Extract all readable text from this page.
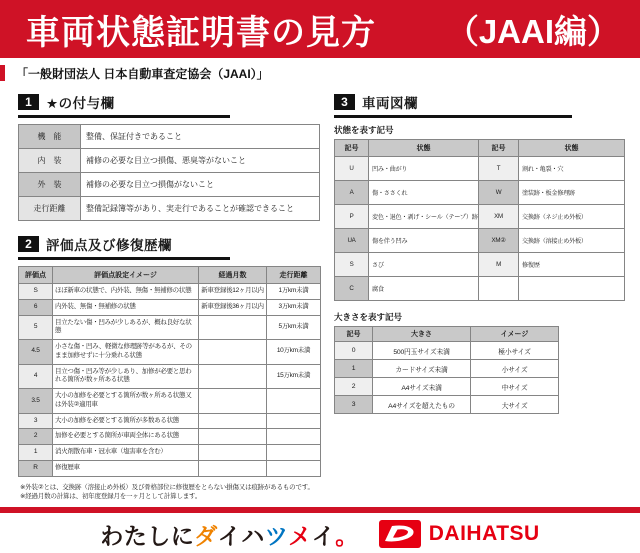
車両状態証明書の見方 （JAAI編）
「一般財団法人 日本自動車査定協会（JAAI）」
1	★の付与欄
機　能	整備、保証付きであること
内　装	補修の必要な目立つ損傷、悪臭等がないこと
外　装	補修の必要な目立つ損傷がないこと
走行距離	整備記録簿等があり、実走行であることが確認できること
2	評価点及び修復歴欄
評価点	評価点設定イメージ	経過月数	走行距離
S	ほぼ新車の状態で、内外装、無傷・無補修の状態	新車登録後12ヶ月以内	1万km未満
6	内外装、無傷・無補修の状態	新車登録後36ヶ月以内	3万km未満
5	目立たない傷・凹みが少しあるが、概ね良好な状態		5万km未満
4.5	小さな傷・凹み、軽微な修理跡等があるが、そのまま加修せずに十分乗れる状態		10万km未満
4	目立つ傷・凹み等が少しあり、加修が必要と思われる箇所が数ヶ所ある状態		15万km未満
3.5	大小の加修を必要とする箇所が数ヶ所ある状態又は外装②適用車		
3	大小の加修を必要とする箇所が多数ある状態		
2	加修を必要とする箇所が車両全体にある状態		
1	消火剤散布車・冠水車（塩害車を含む）		
R	修復歴車		
3	車両図欄
状態を表す記号
記号	状態	記号	状態
U	凹み・曲がり	T	割れ・亀裂・穴
A	傷・ささくれ	W	塗装跡・板金修理跡
P	変色・退色・剥げ・シール（テープ）跡	XM	交換跡（ネジ止め外板）
UA	傷を伴う凹み	XM②	交換跡（溶接止め外板）
S	さび	M	修復歴
C	腐食		
大きさを表す記号
記号	大きさ	イメージ
0	500円玉サイズ未満	極小サイズ
1	カードサイズ未満	小サイズ
2	A4サイズ未満	中サイズ
3	A4サイズを超えたもの	大サイズ
※外装②とは、交換跡（溶接止め外板）及び骨格部位に修復歴をとらない損傷又は痕跡があるものです。
※経過月数の計算は、初年度登録月を一ヶ月として計算します。
わ た し に ダ イ ハ ツ メ イ 。	DAIHATSU
